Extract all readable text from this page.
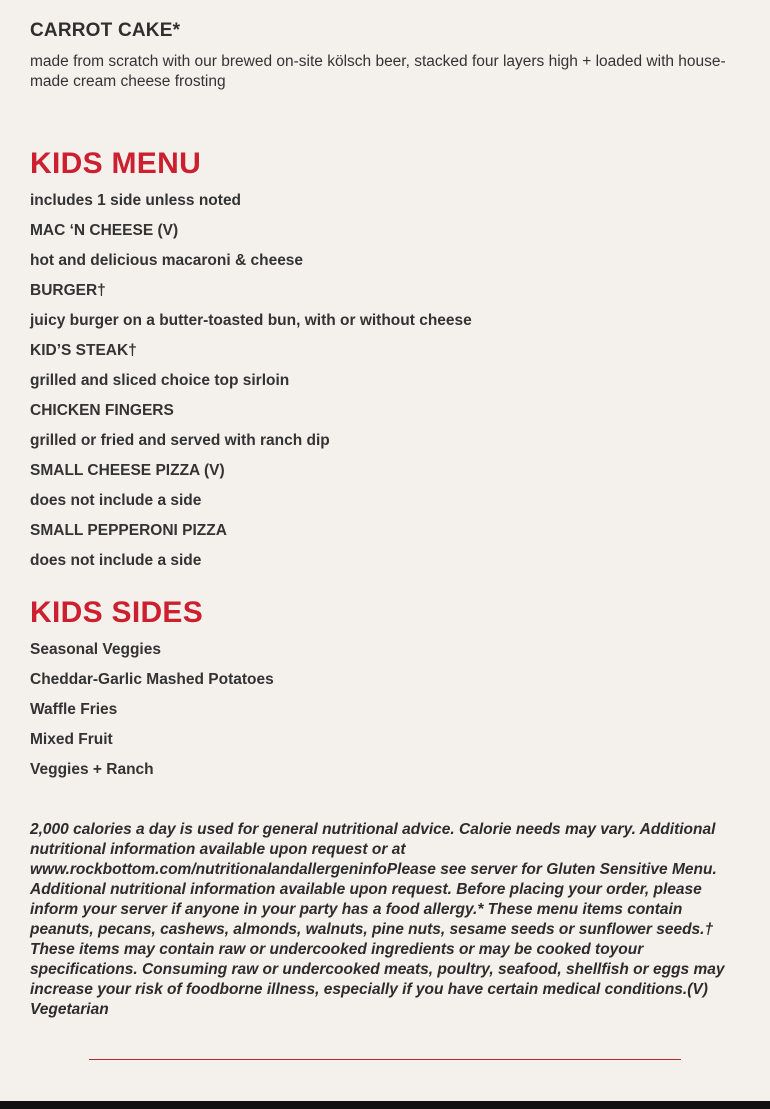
CARROT CAKE*
made from scratch with our brewed on-site kölsch beer, stacked four layers high + loaded with house-made cream cheese frosting
KIDS MENU
includes 1 side unless noted
MAC ‘N CHEESE (V)
hot and delicious macaroni & cheese
BURGER†
juicy burger on a butter-toasted bun, with or without cheese
KID’S STEAK†
grilled and sliced choice top sirloin
CHICKEN FINGERS
grilled or fried and served with ranch dip
SMALL CHEESE PIZZA (V)
does not include a side
SMALL PEPPERONI PIZZA
does not include a side
KIDS SIDES
Seasonal Veggies
Cheddar-Garlic Mashed Potatoes
Waffle Fries
Mixed Fruit
Veggies + Ranch
2,000 calories a day is used for general nutritional advice. Calorie needs may vary. Additional nutritional information available upon request or at www.rockbottom.com/nutritionalandallergeninfoPlease see server for Gluten Sensitive Menu. Additional nutritional information available upon request. Before placing your order, please inform your server if anyone in your party has a food allergy.* These menu items contain peanuts, pecans, cashews, almonds, walnuts, pine nuts, sesame seeds or sunflower seeds.† These items may contain raw or undercooked ingredients or may be cooked toyour specifications. Consuming raw or undercooked meats, poultry, seafood, shellfish or eggs may increase your risk of foodborne illness, especially if you have certain medical conditions.(V) Vegetarian
